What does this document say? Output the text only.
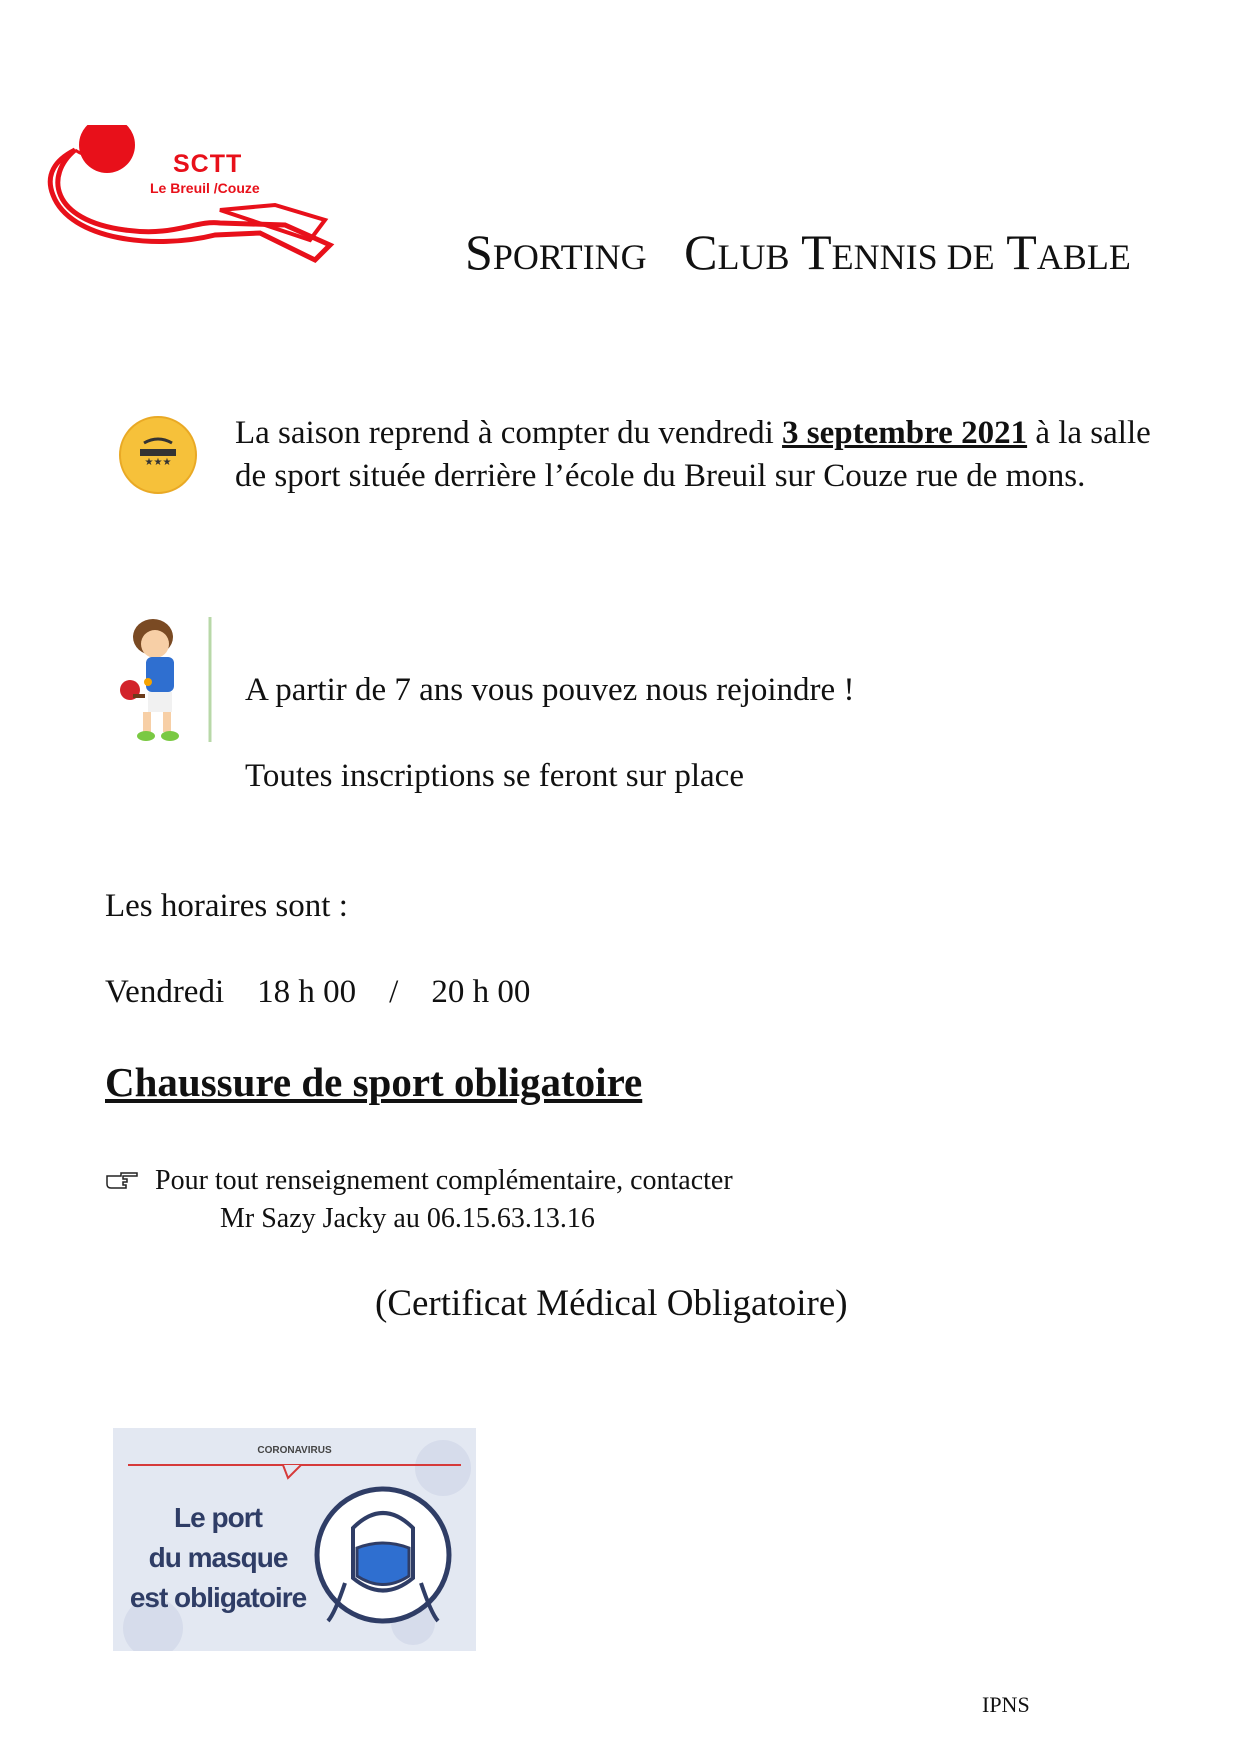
SCTT
Le Breuil /Couze
SPORTING CLUB TENNIS DE TABLE
★★★
La saison reprend à compter du vendredi 3 septembre 2021 à la salle de sport située derrière l’école du Breuil sur Couze rue de mons.
A partir de 7 ans vous pouvez nous rejoindre !
Toutes inscriptions se feront sur place
Les horaires sont :
Vendredi 18 h 00 / 20 h 00
Chaussure de sport obligatoire
Pour tout renseignement complémentaire, contacter
Mr Sazy Jacky au 06.15.63.13.16
(Certificat Médical Obligatoire)
CORONAVIRUS
Le port
du masque
est obligatoire
IPNS
